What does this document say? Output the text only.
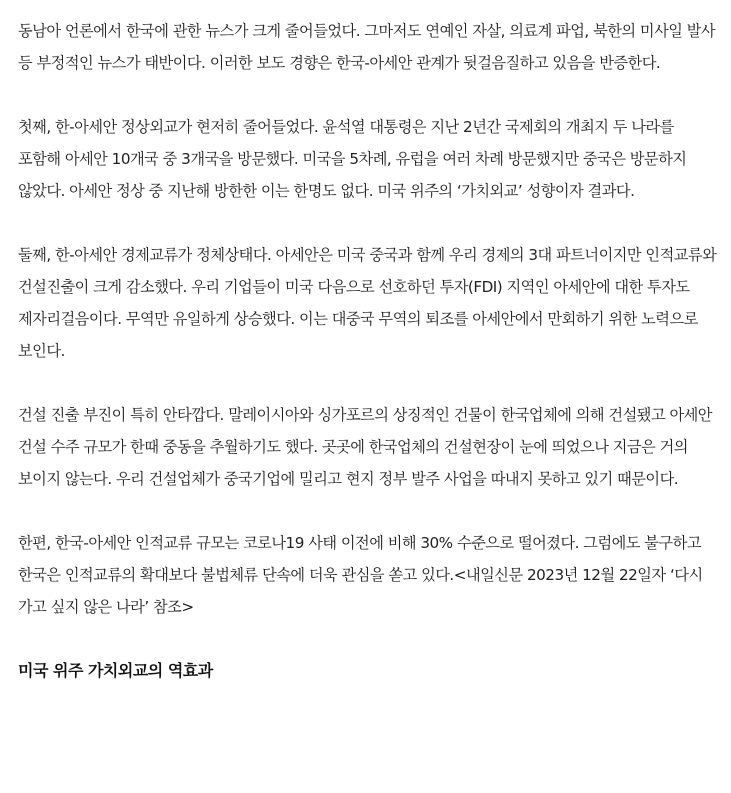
동남아 언론에서 한국에 관한 뉴스가 크게 줄어들었다. 그마저도 연예인 자살, 의료계 파업, 북한의 미사일 발사 등 부정적인 뉴스가 태반이다. 이러한 보도 경향은 한국-아세안 관계가 뒷걸음질하고 있음을 반증한다.

첫째, 한-아세안 정상외교가 현저히 줄어들었다. 윤석열 대통령은 지난 2년간 국제회의 개최지 두 나라를 포함해 아세안 10개국 중 3개국을 방문했다. 미국을 5차례, 유럽을 여러 차례 방문했지만 중국은 방문하지 않았다. 아세안 정상 중 지난해 방한한 이는 한명도 없다. 미국 위주의 ‘가치외교’ 성향이자 결과다.

둘째, 한-아세안 경제교류가 정체상태다. 아세안은 미국 중국과 함께 우리 경제의 3대 파트너이지만 인적교류와 건설진출이 크게 감소했다. 우리 기업들이 미국 다음으로 선호하던 투자(FDI) 지역인 아세안에 대한 투자도 제자리걸음이다. 무역만 유일하게 상승했다. 이는 대중국 무역의 퇴조를 아세안에서 만회하기 위한 노력으로 보인다.

건설 진출 부진이 특히 안타깝다. 말레이시아와 싱가포르의 상징적인 건물이 한국업체에 의해 건설됐고 아세안 건설 수주 규모가 한때 중동을 추월하기도 했다. 곳곳에 한국업체의 건설현장이 눈에 띄었으나 지금은 거의 보이지 않는다. 우리 건설업체가 중국기업에 밀리고 현지 정부 발주 사업을 따내지 못하고 있기 때문이다.

한편, 한국-아세안 인적교류 규모는 코로나19 사태 이전에 비해 30% 수준으로 떨어졌다. 그럼에도 불구하고 한국은 인적교류의 확대보다 불법체류 단속에 더욱 관심을 쏟고 있다.<내일신문 2023년 12월 22일자 ‘다시 가고 싶지 않은 나라’ 참조>

미국 위주 가치외교의 역효과
